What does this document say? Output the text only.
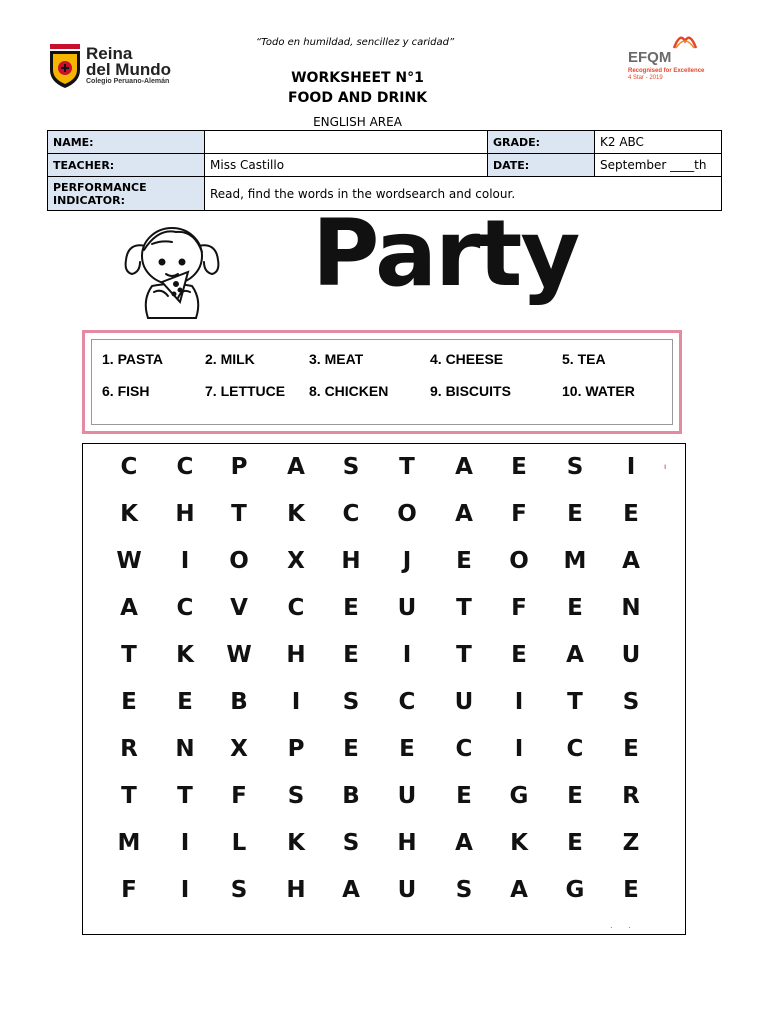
“Todo en humildad, sencillez y caridad”
Reina
del Mundo
Colegio Peruano-Alemán
EFQM
Recognised for Excellence
4 Star - 2019
WORKSHEET N°1
FOOD AND DRINK
ENGLISH AREA
NAME:		GRADE:	K2 ABC
TEACHER:	Miss Castillo	DATE:	September ____th

PERFORMANCE
INDICATOR:	Read, find the words in the wordsearch and colour.		
Party
1. PASTA	2. MILK	3. MEAT	4. CHEESE	5. TEA
6. FISH	7. LETTUCE 8. CHICKEN	9. BISCUITS	10. WATER
C	C	P	A	S	T	A	E	S	I
K	H	T	K	C	O	A	F	E	E
W	I	O	X	H	J	E	O	M	A
A	C	V	C	E	U	T	F	E	N
T	K	W	H	E	I	T	E	A	U
E	E	B	I	S	C	U	I	T	S
R	N	X	P	E	E	C	I	C	E
T	T	F	S	B	U	E	G	E	R
M	I	L	K	S	H	A	K	E	Z
F	I	S	H	A	U	S	A	G	E
ı
· ·
